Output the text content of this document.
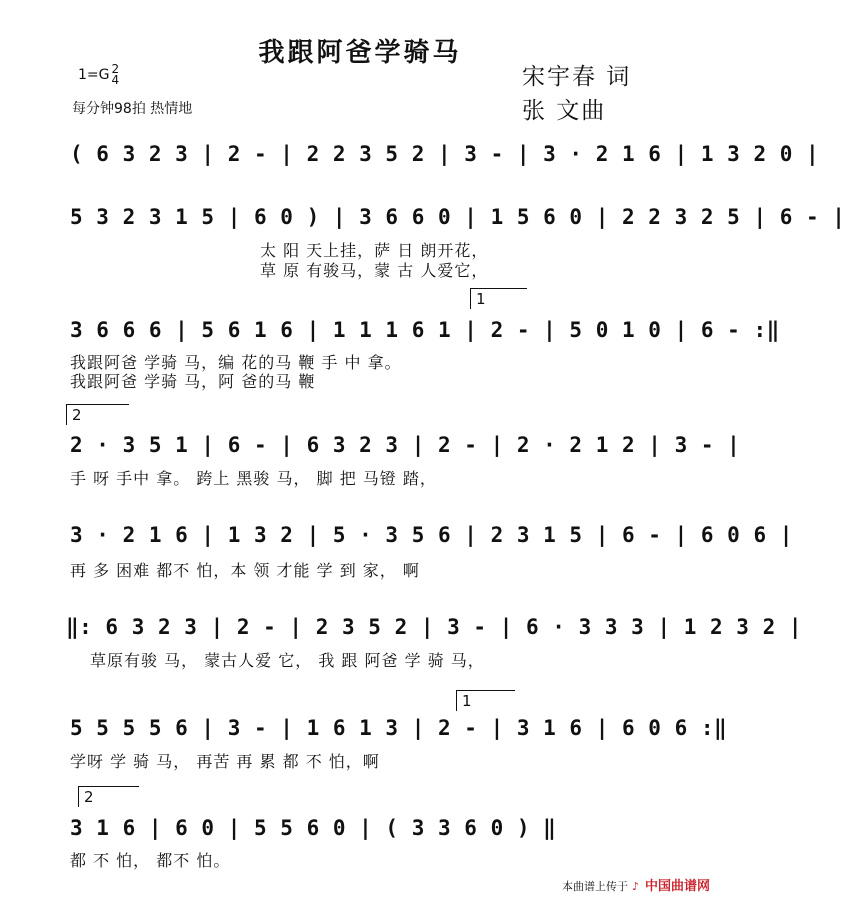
我跟阿爸学骑马
1=G 2
4
每分钟98拍 热情地
宋宇春 词
张 文曲
( 6 3 2 3 | 2 - | 2 2 3 5 2 | 3 - | 3 · 2 1 6 | 1 3 2 0 |
5 3 2 3 1 5 | 6 0 ) | 3 6 6 0 | 1 5 6 0 | 2 2 3 2 5 | 6 - |
太 阳 天上挂，萨 日 朗开花，
草 原 有骏马，蒙 古 人爱它，
1
3 6 6 6 | 5 6 1 6 | 1 1 1 6 1 | 2 - | 5 0 1 0 | 6 - :‖
我跟阿爸 学骑 马，编 花的马 鞭 手 中 拿。
我跟阿爸 学骑 马，阿 爸的马 鞭
2
2 · 3 5 1 | 6 - | 6 3 2 3 | 2 - | 2 · 2 1 2 | 3 - |
手 呀 手中 拿。 跨上 黑骏 马， 脚 把 马镫 踏，
3 · 2 1 6 | 1 3 2 | 5 · 3 5 6 | 2 3 1 5 | 6 - | 6 0 6 |
再 多 困难 都不 怕，本 领 才能 学 到 家， 啊
‖: 6 3 2 3 | 2 - | 2 3 5 2 | 3 - | 6 · 3 3 3 | 1 2 3 2 |
草原有骏 马， 蒙古人爱 它， 我 跟 阿爸 学 骑 马，
1
5 5 5 5 6 | 3 - | 1 6 1 3 | 2 - | 3 1 6 | 6 0 6 :‖
学呀 学 骑 马， 再苦 再 累 都 不 怕，啊
2
3 1 6 | 6 0 | 5 5 6 0 | ( 3 3 6 0 ) ‖
都 不 怕， 都不 怕。
本曲谱上传于 ♪ 中国曲谱网
